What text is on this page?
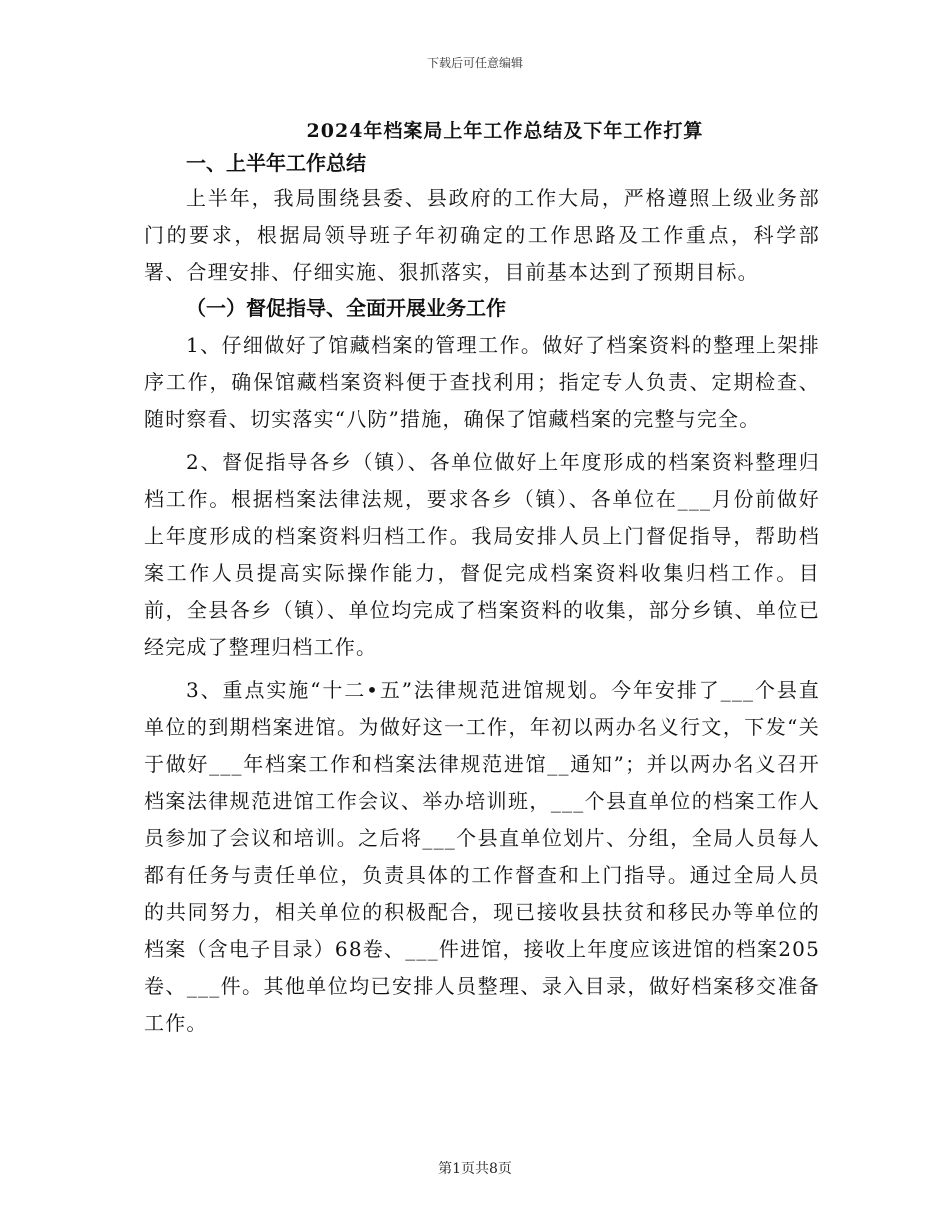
下载后可任意编辑
2024年档案局上年工作总结及下年工作打算

一、上半年工作总结

上半年，我局围绕县委、县政府的工作大局，严格遵照上级业务部门的要求，根据局领导班子年初确定的工作思路及工作重点，科学部署、合理安排、仔细实施、狠抓落实，目前基本达到了预期目标。

（一）督促指导、全面开展业务工作

1、仔细做好了馆藏档案的管理工作。做好了档案资料的整理上架排序工作，确保馆藏档案资料便于查找利用；指定专人负责、定期检查、随时察看、切实落实“八防”措施，确保了馆藏档案的完整与完全。

2、督促指导各乡（镇）、各单位做好上年度形成的档案资料整理归档工作。根据档案法律法规，要求各乡（镇）、各单位在___月份前做好上年度形成的档案资料归档工作。我局安排人员上门督促指导，帮助档案工作人员提高实际操作能力，督促完成档案资料收集归档工作。目前，全县各乡（镇）、单位均完成了档案资料的收集，部分乡镇、单位已经完成了整理归档工作。

3、重点实施“十二•五”法律规范进馆规划。今年安排了___个县直单位的到期档案进馆。为做好这一工作，年初以两办名义行文，下发“关于做好___年档案工作和档案法律规范进馆__通知”；并以两办名义召开档案法律规范进馆工作会议、举办培训班，___个县直单位的档案工作人员参加了会议和培训。之后将___个县直单位划片、分组，全局人员每人都有任务与责任单位，负责具体的工作督查和上门指导。通过全局人员的共同努力，相关单位的积极配合，现已接收县扶贫和移民办等单位的档案（含电子目录）68卷、___件进馆，接收上年度应该进馆的档案205卷、___件。其他单位均已安排人员整理、录入目录，做好档案移交准备工作。

第1页共8页
